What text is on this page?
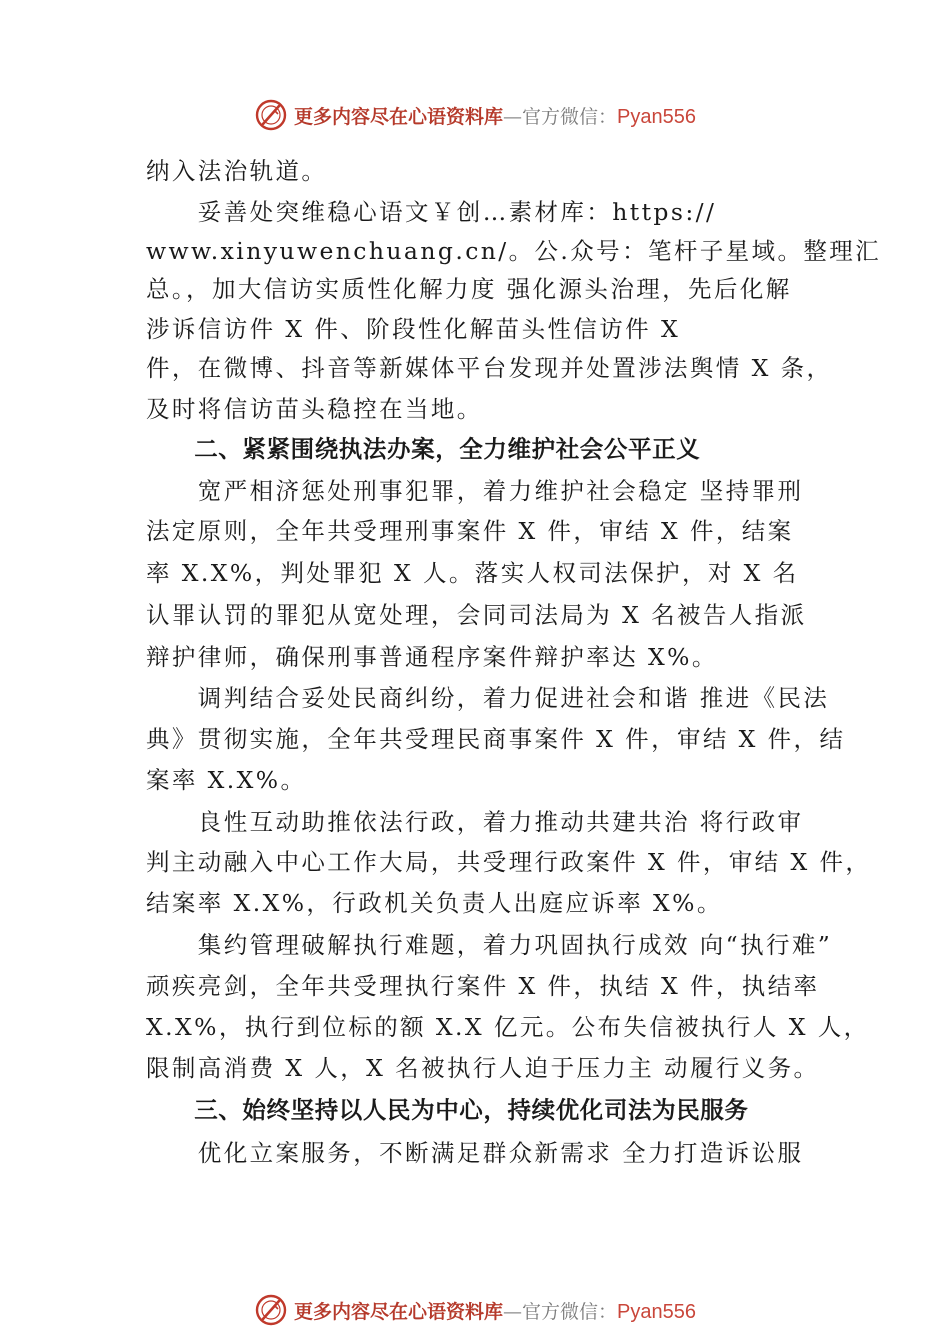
更多内容尽在心语资料库—官方微信：Pyan556
纳入法治轨道。
　　妥善处突维稳心语文￥创…素材库：https://
www.xinyuwenchuang.cn/。公.众号：笔杆子星域。整理汇
总。，加大信访实质性化解力度 强化源头治理，先后化解
涉诉信访件 X 件、阶段性化解苗头性信访件 X
件，在微博、抖音等新媒体平台发现并处置涉法舆情 X 条，
及时将信访苗头稳控在当地。
　　二、紧紧围绕执法办案，全力维护社会公平正义
　　宽严相济惩处刑事犯罪，着力维护社会稳定 坚持罪刑
法定原则，全年共受理刑事案件 X 件，审结 X 件，结案
率 X.X%，判处罪犯 X 人。落实人权司法保护，对 X 名
认罪认罚的罪犯从宽处理，会同司法局为 X 名被告人指派
辩护律师，确保刑事普通程序案件辩护率达 X%。
　　调判结合妥处民商纠纷，着力促进社会和谐 推进《民法
典》贯彻实施，全年共受理民商事案件 X 件，审结 X 件，结
案率 X.X%。
　　良性互动助推依法行政，着力推动共建共治 将行政审
判主动融入中心工作大局，共受理行政案件 X 件，审结 X 件，
结案率 X.X%，行政机关负责人出庭应诉率 X%。
　　集约管理破解执行难题，着力巩固执行成效 向“执行难”
顽疾亮剑，全年共受理执行案件 X 件，执结 X 件，执结率
X.X%，执行到位标的额 X.X 亿元。公布失信被执行人 X 人，
限制高消费 X 人，X 名被执行人迫于压力主 动履行义务。
　　三、始终坚持以人民为中心，持续优化司法为民服务
　　优化立案服务，不断满足群众新需求 全力打造诉讼服
更多内容尽在心语资料库—官方微信：Pyan556
